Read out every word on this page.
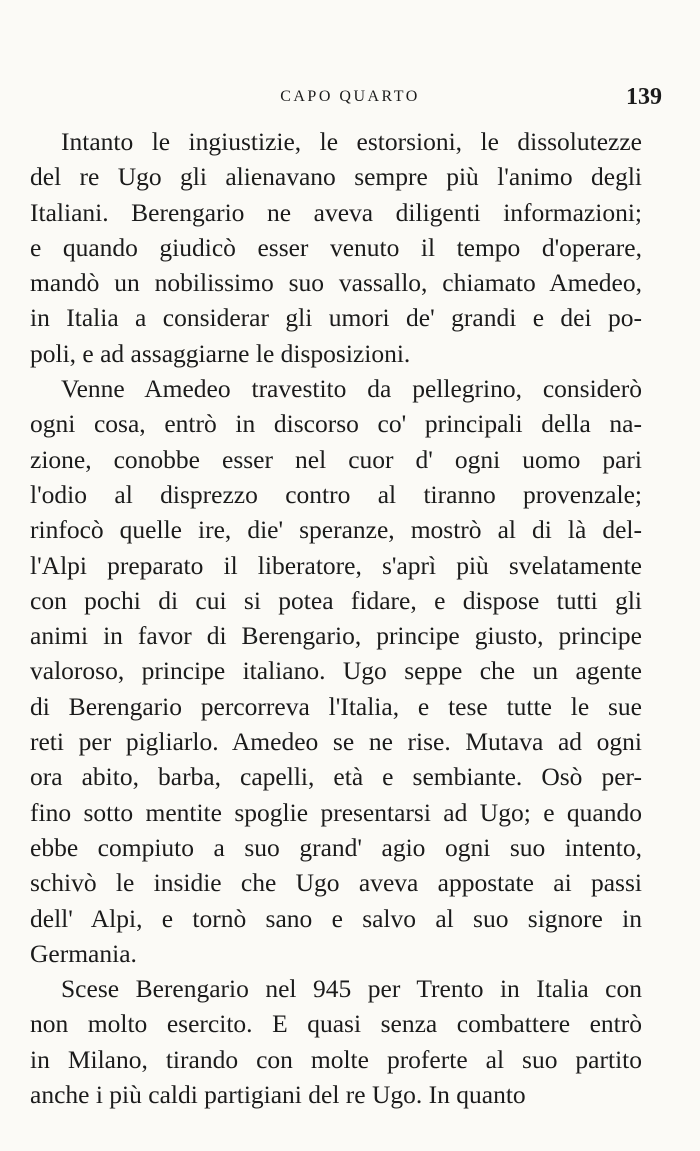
CAPO QUARTO	139

Intanto le ingiustizie, le estorsioni, le dissolutezze
del re Ugo gli alienavano sempre più l'animo degli
Italiani. Berengario ne aveva diligenti informazioni;
e quando giudicò esser venuto il tempo d'operare,
mandò un nobilissimo suo vassallo, chiamato Amedeo,
in Italia a considerar gli umori de' grandi e dei po-
poli, e ad assaggiarne le disposizioni.

Venne Amedeo travestito da pellegrino, considerò
ogni cosa, entrò in discorso co' principali della na-
zione, conobbe esser nel cuor d' ogni uomo pari
l'odio al disprezzo contro al tiranno provenzale;
rinfocò quelle ire, die' speranze, mostrò al di là del-
l'Alpi preparato il liberatore, s'aprì più svelatamente
con pochi di cui si potea fidare, e dispose tutti gli
animi in favor di Berengario, principe giusto, principe
valoroso, principe italiano. Ugo seppe che un agente
di Berengario percorreva l'Italia, e tese tutte le sue
reti per pigliarlo. Amedeo se ne rise. Mutava ad ogni
ora abito, barba, capelli, età e sembiante. Osò per-
fino sotto mentite spoglie presentarsi ad Ugo; e quando
ebbe compiuto a suo grand' agio ogni suo intento,
schivò le insidie che Ugo aveva appostate ai passi
dell' Alpi, e tornò sano e salvo al suo signore in
Germania.

Scese Berengario nel 945 per Trento in Italia con
non molto esercito. E quasi senza combattere entrò
in Milano, tirando con molte proferte al suo partito
anche i più caldi partigiani del re Ugo. In quanto
